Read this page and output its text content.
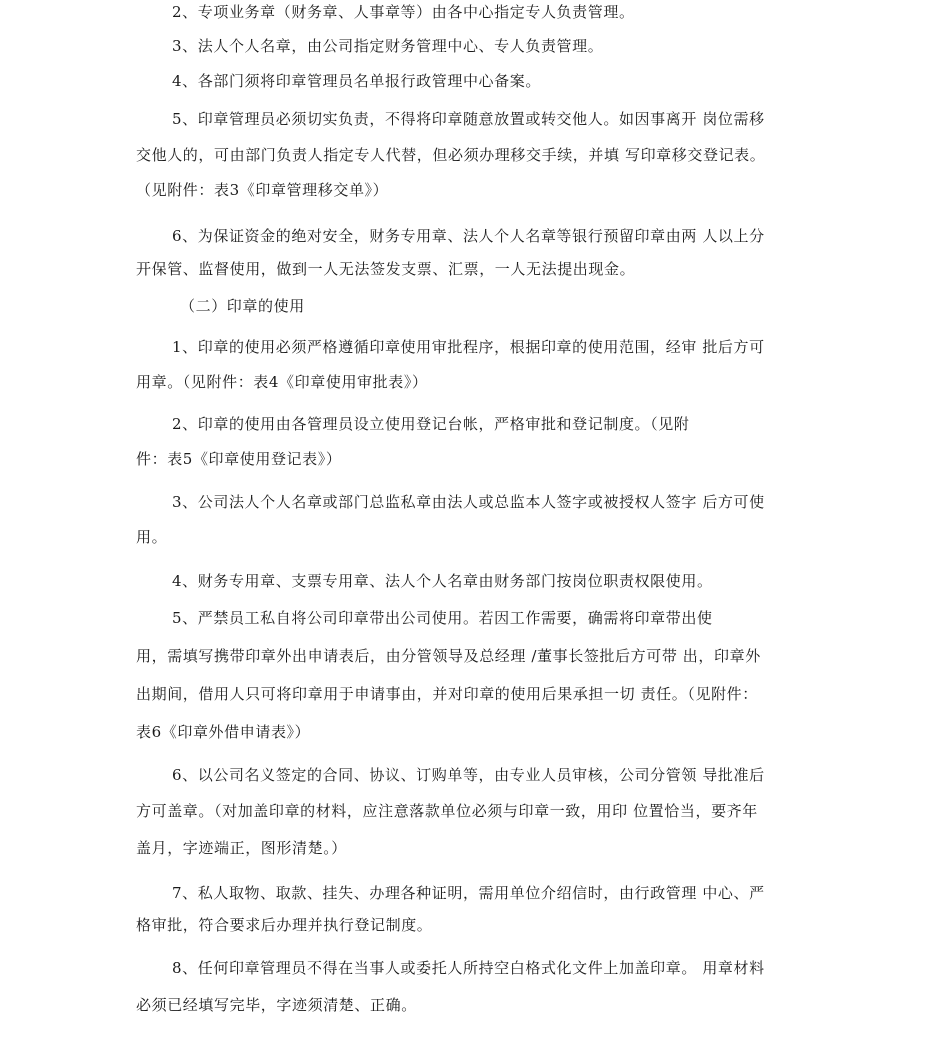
2、专项业务章（财务章、人事章等）由各中心指定专人负责管理。
3、法人个人名章，由公司指定财务管理中心、专人负责管理。
4、各部门须将印章管理员名单报行政管理中心备案。
5、印章管理员必须切实负责，不得将印章随意放置或转交他人。如因事离开 岗位需移
交他人的，可由部门负责人指定专人代替，但必须办理移交手续，并填 写印章移交登记表。
（见附件：表3《印章管理移交单》）
6、为保证资金的绝对安全，财务专用章、法人个人名章等银行预留印章由两 人以上分
开保管、监督使用，做到一人无法签发支票、汇票，一人无法提出现金。
（二）印章的使用
1、印章的使用必须严格遵循印章使用审批程序，根据印章的使用范围，经审 批后方可
用章。（见附件：表4《印章使用审批表》）
2、印章的使用由各管理员设立使用登记台帐，严格审批和登记制度。（见附
件：表5《印章使用登记表》）
3、公司法人个人名章或部门总监私章由法人或总监本人签字或被授权人签字 后方可使
用。
4、财务专用章、支票专用章、法人个人名章由财务部门按岗位职责权限使用。
5、严禁员工私自将公司印章带出公司使用。若因工作需要，确需将印章带出使
用，需填写携带印章外出申请表后，由分管领导及总经理 /董事长签批后方可带 出，印章外
出期间，借用人只可将印章用于申请事由，并对印章的使用后果承担一切 责任。（见附件：
表6《印章外借申请表》）
6、以公司名义签定的合同、协议、订购单等，由专业人员审核，公司分管领 导批准后
方可盖章。（对加盖印章的材料，应注意落款单位必须与印章一致，用印 位置恰当，要齐年
盖月，字迹端正，图形清楚。）
7、私人取物、取款、挂失、办理各种证明，需用单位介绍信时，由行政管理 中心、严
格审批，符合要求后办理并执行登记制度。
8、任何印章管理员不得在当事人或委托人所持空白格式化文件上加盖印章。 用章材料
必须已经填写完毕，字迹须清楚、正确。
